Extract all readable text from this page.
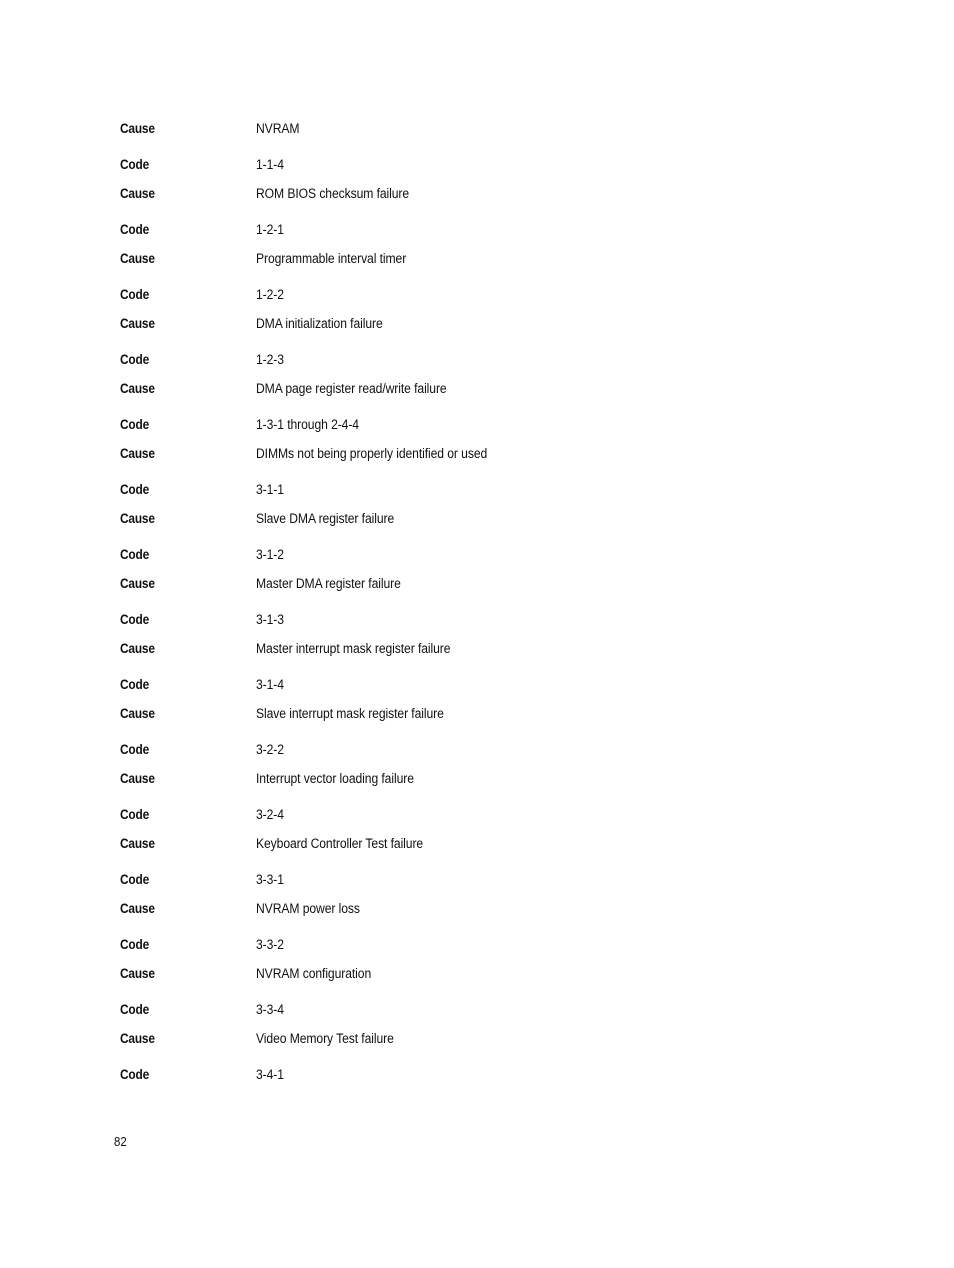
Cause	NVRAM
Code	1-1-4
Cause	ROM BIOS checksum failure
Code	1-2-1
Cause	Programmable interval timer
Code	1-2-2
Cause	DMA initialization failure
Code	1-2-3
Cause	DMA page register read/write failure
Code	1-3-1 through 2-4-4
Cause	DIMMs not being properly identified or used
Code	3-1-1
Cause	Slave DMA register failure
Code	3-1-2
Cause	Master DMA register failure
Code	3-1-3
Cause	Master interrupt mask register failure
Code	3-1-4
Cause	Slave interrupt mask register failure
Code	3-2-2
Cause	Interrupt vector loading failure
Code	3-2-4
Cause	Keyboard Controller Test failure
Code	3-3-1
Cause	NVRAM power loss
Code	3-3-2
Cause	NVRAM configuration
Code	3-3-4
Cause	Video Memory Test failure
Code	3-4-1
82
